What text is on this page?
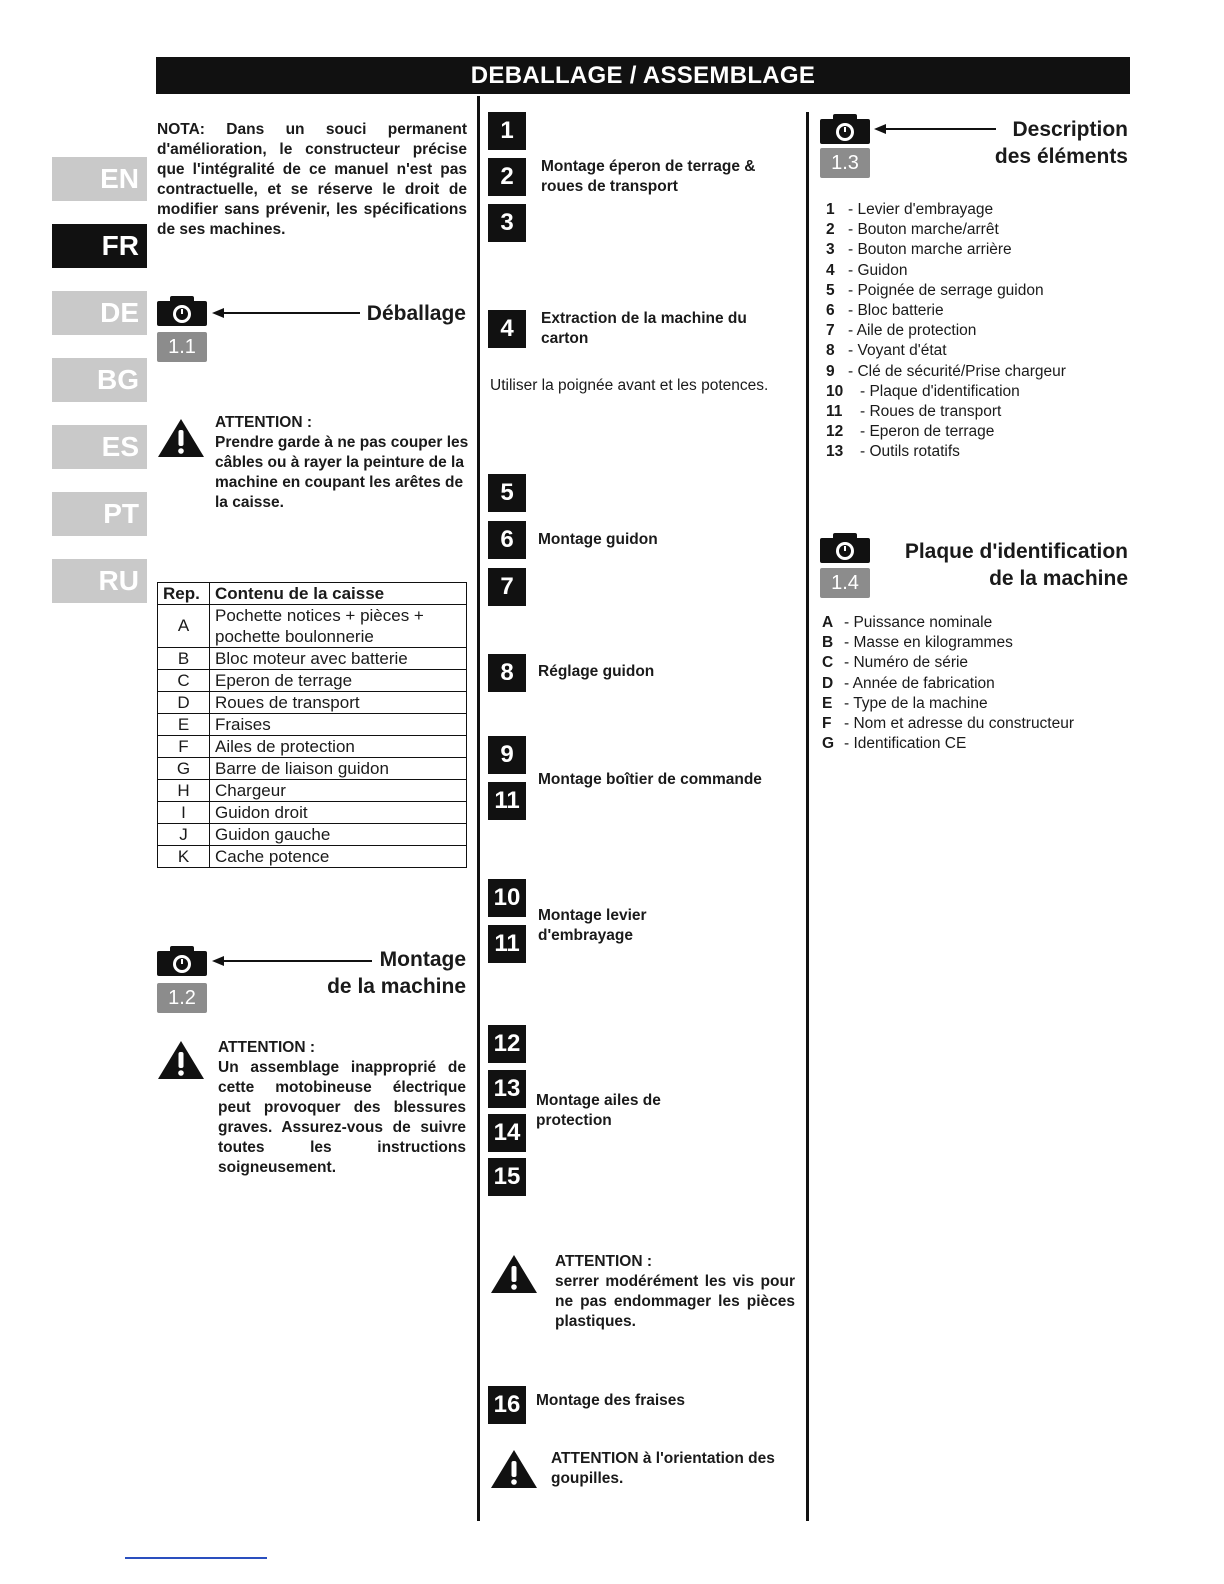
DEBALLAGE / ASSEMBLAGE
EN
FR
DE
BG
ES
PT
RU
NOTA: Dans un souci permanent d'amélioration, le constructeur précise que l'intégralité de ce manuel n'est pas contractuelle, et se réserve le droit de modifier sans prévenir, les spécifications de ses machines.
1.1
Déballage
ATTENTION :
Prendre garde à ne pas couper les câbles ou à rayer la peinture de la machine en coupant les arêtes de la caisse.
Rep.	Contenu de la caisse
A	Pochette notices + pièces + pochette boulonnerie
B	Bloc moteur avec batterie
C	Eperon de terrage
D	Roues de transport
E	Fraises
F	Ailes de protection
G	Barre de liaison guidon
H	Chargeur
I	Guidon droit
J	Guidon gauche
K	Cache potence
1.2
Montage
de la machine
ATTENTION :
Un assemblage inapproprié de cette motobineuse électrique peut provoquer des blessures graves. Assurez-vous de suivre toutes les instructions soigneusement.
1
2
3
Montage éperon de terrage & roues de transport
4	Extraction de la machine du carton
Utiliser la poignée avant et les potences.
5
6	Montage guidon
7
8	Réglage guidon
9
11
Montage boîtier de commande
10
11
Montage levier d'embrayage
12
13
14
15
Montage ailes de protection
ATTENTION :
serrer modérément les vis pour ne pas endommager les pièces plastiques.
16	Montage des fraises
ATTENTION à l'orientation des goupilles.
1.3
Description
des éléments
1 - Levier d'embrayage
2 - Bouton marche/arrêt
3 - Bouton marche arrière
4 - Guidon
5 - Poignée de serrage guidon
6 - Bloc batterie
7 - Aile de protection
8 - Voyant d'état
9 - Clé de sécurité/Prise chargeur
10 - Plaque d'identification
11 - Roues de transport
12 - Eperon de terrage
13 - Outils rotatifs
1.4
Plaque d'identification
de la machine
A - Puissance nominale
B - Masse en kilogrammes
C - Numéro de série
D - Année de fabrication
E - Type de la machine
F - Nom et adresse du constructeur
G - Identification CE
